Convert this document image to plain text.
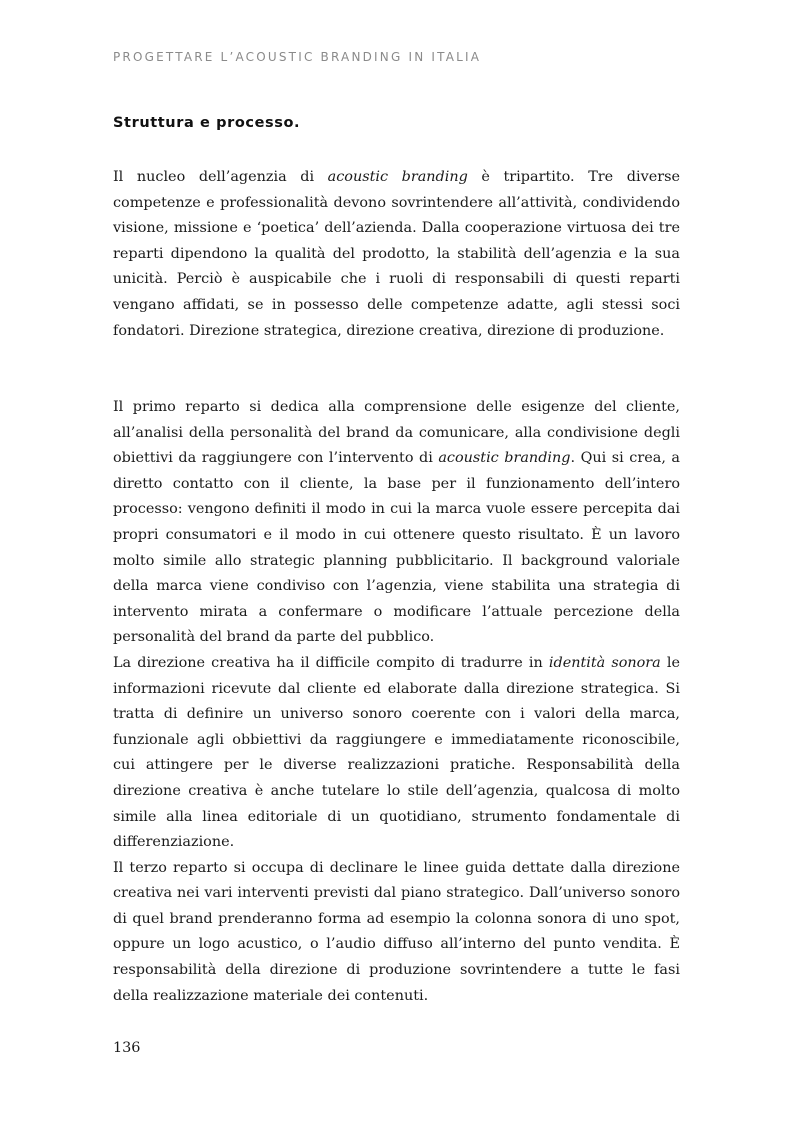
PROGETTARE L’ACOUSTIC BRANDING IN ITALIA
Struttura e processo.

Il nucleo dell’agenzia di acoustic branding è tripartito. Tre diverse competenze e professionalità devono sovrintendere all’attività, condividendo visione, missione e ‘poetica’ dell’azienda. Dalla cooperazione virtuosa dei tre reparti dipendono la qualità del prodotto, la stabilità dell’agenzia e la sua unicità. Perciò è auspicabile che i ruoli di responsabili di questi reparti vengano affidati, se in possesso delle competenze adatte, agli stessi soci fondatori. Direzione strategica, direzione creativa, direzione di produzione.

Il primo reparto si dedica alla comprensione delle esigenze del cliente, all’analisi della personalità del brand da comunicare, alla condivisione degli obiettivi da raggiungere con l’intervento di acoustic branding. Qui si crea, a diretto contatto con il cliente, la base per il funzionamento dell’intero processo: vengono definiti il modo in cui la marca vuole essere percepita dai propri consumatori e il modo in cui ottenere questo risultato. È un lavoro molto simile allo strategic planning pubblicitario. Il background valoriale della marca viene condiviso con l’agenzia, viene stabilita una strategia di intervento mirata a confermare o modificare l’attuale percezione della personalità del brand da parte del pubblico.

La direzione creativa ha il difficile compito di tradurre in identità sonora le informazioni ricevute dal cliente ed elaborate dalla direzione strategica. Si tratta di definire un universo sonoro coerente con i valori della marca, funzionale agli obbiettivi da raggiungere e immediatamente riconoscibile, cui attingere per le diverse realizzazioni pratiche. Responsabilità della direzione creativa è anche tutelare lo stile dell’agenzia, qualcosa di molto simile alla linea editoriale di un quotidiano, strumento fondamentale di differenziazione.

Il terzo reparto si occupa di declinare le linee guida dettate dalla direzione creativa nei vari interventi previsti dal piano strategico. Dall’universo sonoro di quel brand prenderanno forma ad esempio la colonna sonora di uno spot, oppure un logo acustico, o l’audio diffuso all’interno del punto vendita. È responsabilità della direzione di produzione sovrintendere a tutte le fasi della realizzazione materiale dei contenuti.

136
